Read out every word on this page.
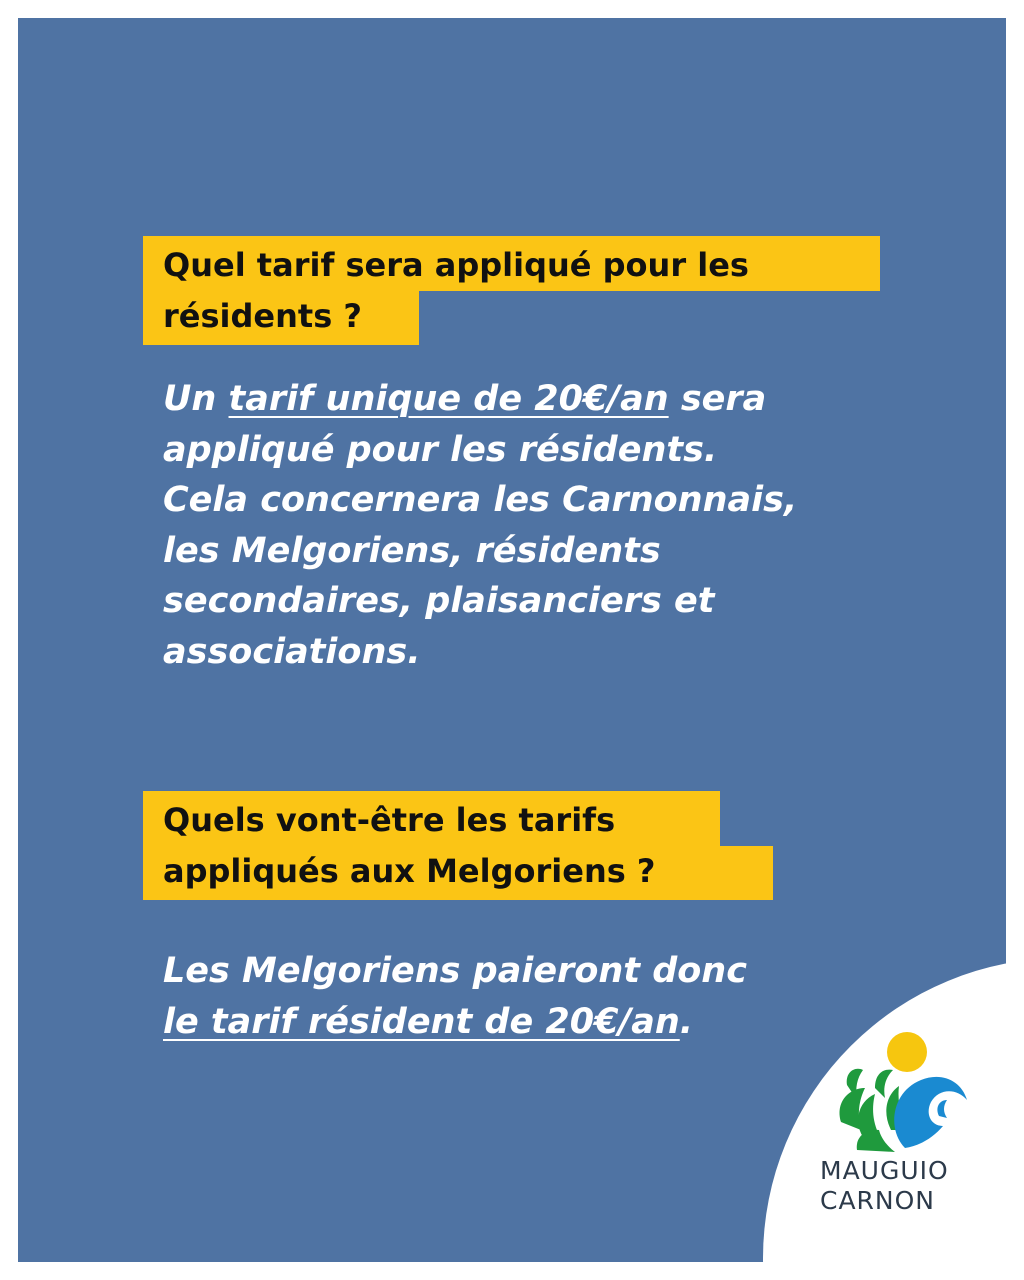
Quel tarif sera appliqué pour les
résidents ?

Un tarif unique de 20€/an sera
appliqué pour les résidents.
Cela concernera les Carnonnais,
les Melgoriens, résidents
secondaires, plaisanciers et
associations.

Quels vont-être les tarifs
appliqués aux Melgoriens ?

Les Melgoriens paieront donc
le tarif résident de 20€/an.

MAUGUIO
CARNON
